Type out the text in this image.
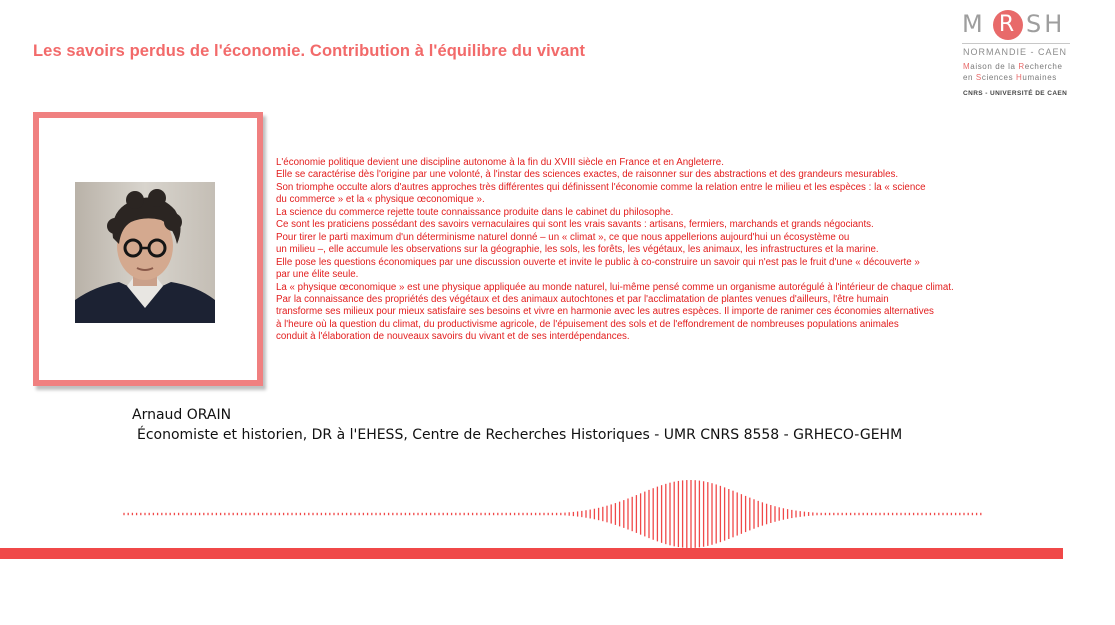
Les savoirs perdus de l'économie. Contribution à l'équilibre du vivant
M R SH
NORMANDIE - CAEN
Maison de la Recherche
en Sciences Humaines
CNRS - UNIVERSITÉ DE CAEN
L'économie politique devient une discipline autonome à la fin du XVIII siècle en France et en Angleterre.
Elle se caractérise dès l'origine par une volonté, à l'instar des sciences exactes, de raisonner sur des abstractions et des grandeurs mesurables.
Son triomphe occulte alors d'autres approches très différentes qui définissent l'économie comme la relation entre le milieu et les espèces : la « science
du commerce » et la « physique œconomique ».
La science du commerce rejette toute connaissance produite dans le cabinet du philosophe.
Ce sont les praticiens possédant des savoirs vernaculaires qui sont les vrais savants : artisans, fermiers, marchands et grands négociants.
Pour tirer le parti maximum d'un déterminisme naturel donné – un « climat », ce que nous appellerions aujourd'hui un écosystème ou
un milieu –, elle accumule les observations sur la géographie, les sols, les forêts, les végétaux, les animaux, les infrastructures et la marine.
Elle pose les questions économiques par une discussion ouverte et invite le public à co-construire un savoir qui n'est pas le fruit d'une « découverte »
par une élite seule.
La « physique œconomique » est une physique appliquée au monde naturel, lui-même pensé comme un organisme autorégulé à l'intérieur de chaque climat.
Par la connaissance des propriétés des végétaux et des animaux autochtones et par l'acclimatation de plantes venues d'ailleurs, l'être humain
transforme ses milieux pour mieux satisfaire ses besoins et vivre en harmonie avec les autres espèces. Il importe de ranimer ces économies alternatives
à l'heure où la question du climat, du productivisme agricole, de l'épuisement des sols et de l'effondrement de nombreuses populations animales
conduit à l'élaboration de nouveaux savoirs du vivant et de ses interdépendances.
Arnaud ORAIN
Économiste et historien, DR à l'EHESS, Centre de Recherches Historiques - UMR CNRS 8558 - GRHECO-GEHM
